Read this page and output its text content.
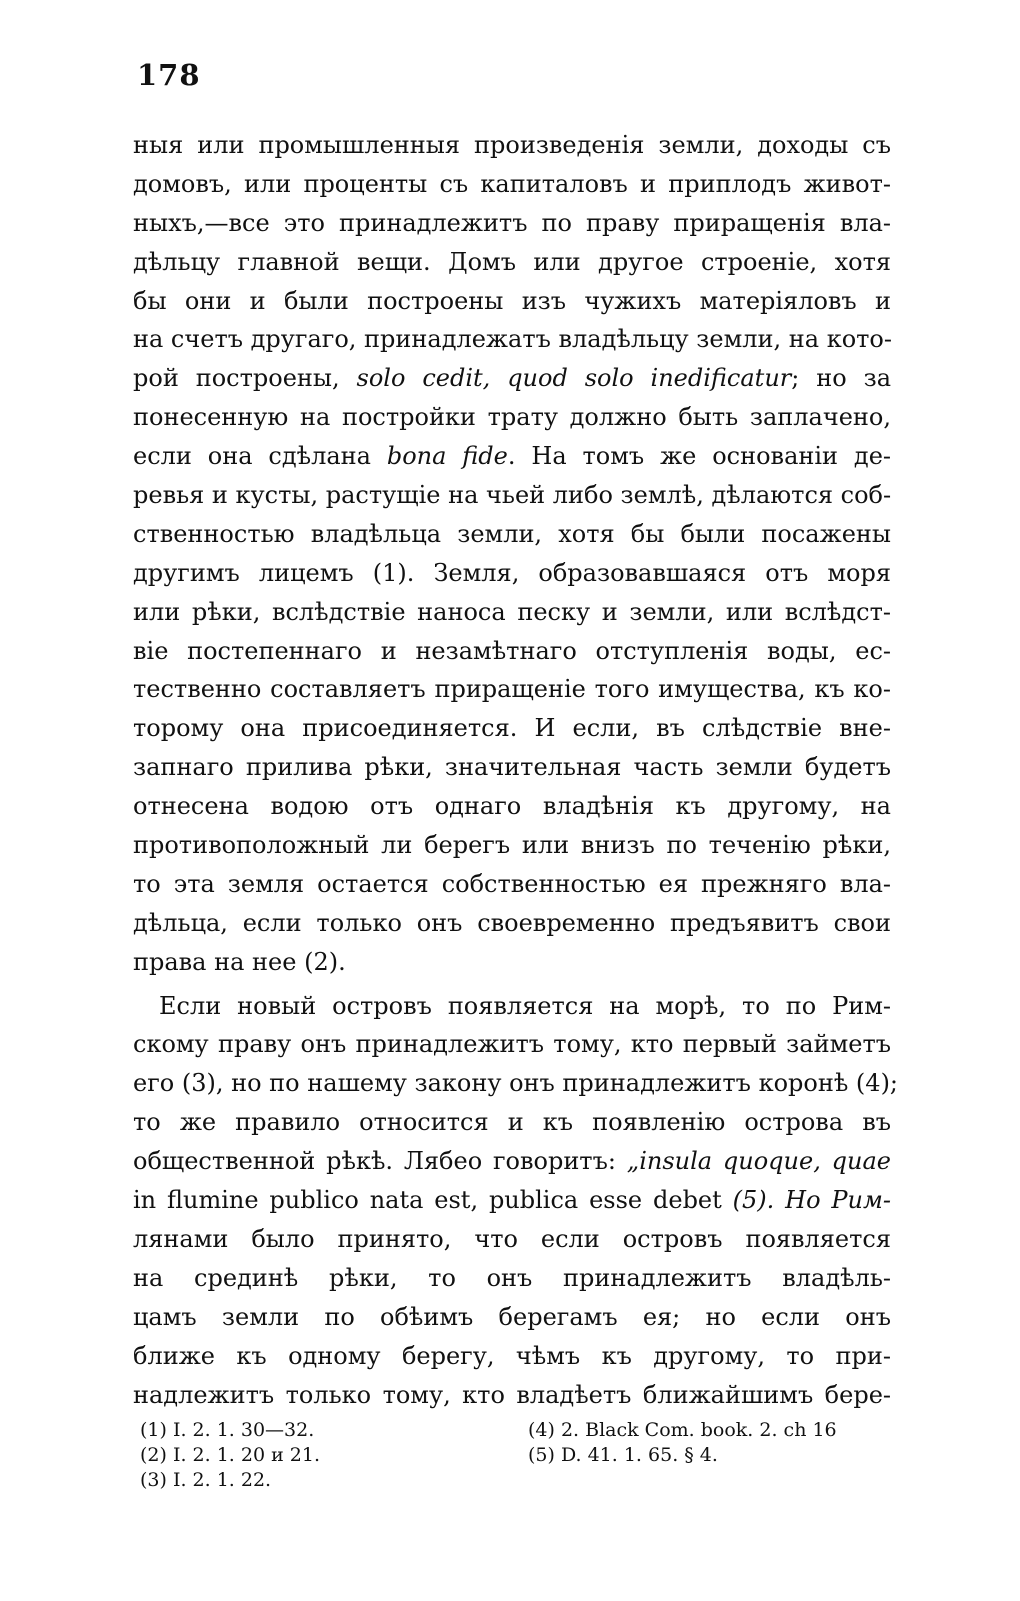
178
ныя или промышленныя произведенія земли, доходы съ
домовъ, или проценты съ капиталовъ и приплодъ живот-
ныхъ,—все это принадлежитъ по праву приращенія вла-
дѣльцу главной вещи. Домъ или другое строеніе, хотя
бы они и были построены изъ чужихъ матеріяловъ и
на счетъ другаго, принадлежатъ владѣльцу земли, на кото-
рой построены, solo cedit, quod solo inedificatur; но за
понесенную на постройки трату должно быть заплачено,
если она сдѣлана bona fide. На томъ же основаніи де-
ревья и кусты, растущіе на чьей либо землѣ, дѣлаются соб-
ственностью владѣльца земли, хотя бы были посажены
другимъ лицемъ (1). Земля, образовавшаяся отъ моря
или рѣки, вслѣдствіе наноса песку и земли, или вслѣдст-
віе постепеннаго и незамѣтнаго отступленія воды, ес-
тественно составляетъ приращеніе того имущества, къ ко-
торому она присоединяется. И если, въ слѣдствіе вне-
запнаго прилива рѣки, значительная часть земли будетъ
отнесена водою отъ однаго владѣнія къ другому, на
противоположный ли берегъ или внизъ по теченію рѣки,
то эта земля остается собственностью ея прежняго вла-
дѣльца, если только онъ своевременно предъявитъ свои
права на нее (2).
Если новый островъ появляется на морѣ, то по Рим-
скому праву онъ принадлежитъ тому, кто первый займетъ
его (3), но по нашему закону онъ принадлежитъ коронѣ (4);
то же правило относится и къ появленію острова въ
общественной рѣкѣ. Лябео говоритъ: „insula quoque, quae
in flumine publico nata est, publica esse debet (5). Но Рим-
лянами было принято, что если островъ появляется
на срединѣ рѣки, то онъ принадлежитъ владѣль-
цамъ земли по обѣимъ берегамъ ея; но если онъ
ближе къ одному берегу, чѣмъ къ другому, то при-
надлежитъ только тому, кто владѣетъ ближайшимъ бере-
(1) I. 2. 1. 30—32.
(2) I. 2. 1. 20 и 21.
(3) I. 2. 1. 22.
(4) 2. Black Com. book. 2. ch 16
(5) D. 41. 1. 65. § 4.
